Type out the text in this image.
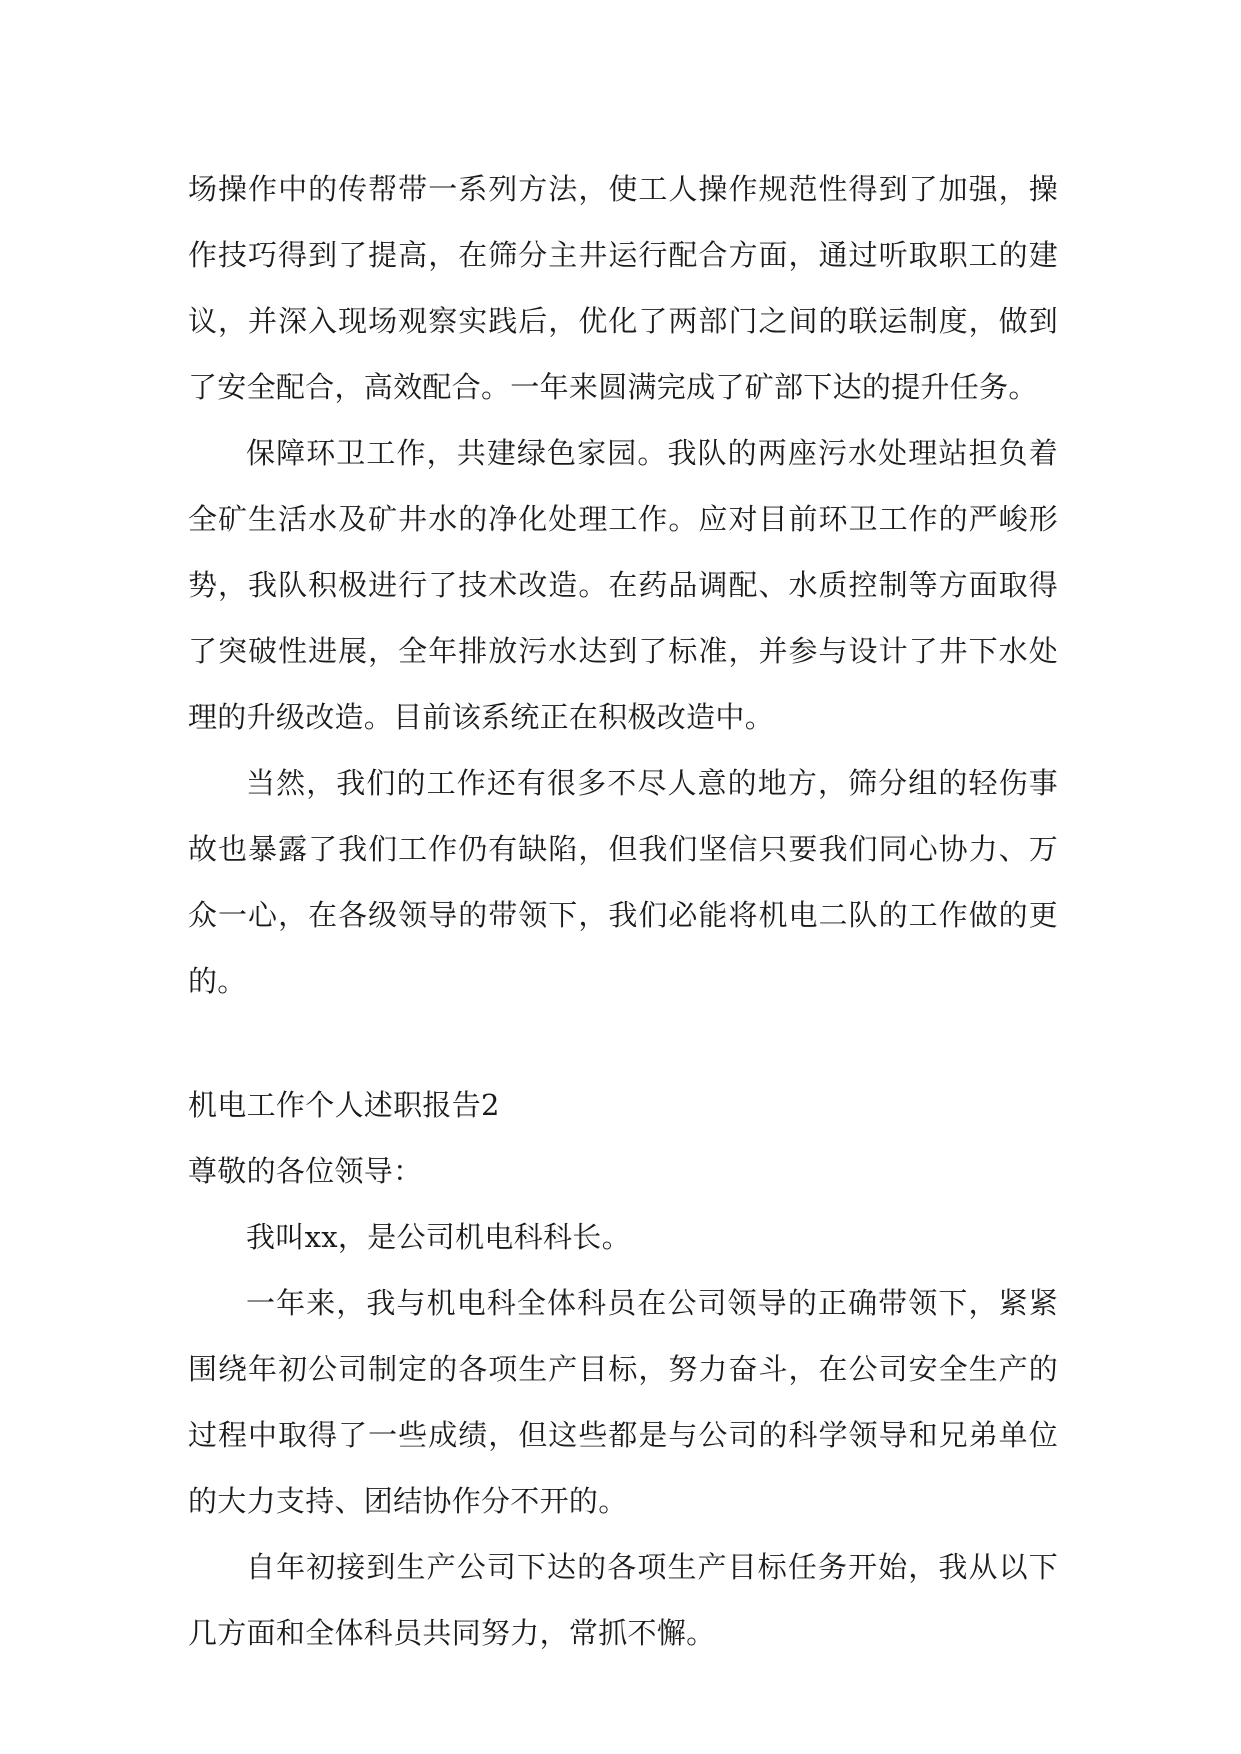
场操作中的传帮带一系列方法，使工人操作规范性得到了加强，操作技巧得到了提高，在筛分主井运行配合方面，通过听取职工的建议，并深入现场观察实践后，优化了两部门之间的联运制度，做到了安全配合，高效配合。一年来圆满完成了矿部下达的提升任务。

保障环卫工作，共建绿色家园。我队的两座污水处理站担负着全矿生活水及矿井水的净化处理工作。应对目前环卫工作的严峻形势，我队积极进行了技术改造。在药品调配、水质控制等方面取得了突破性进展，全年排放污水达到了标准，并参与设计了井下水处理的升级改造。目前该系统正在积极改造中。

当然，我们的工作还有很多不尽人意的地方，筛分组的轻伤事故也暴露了我们工作仍有缺陷，但我们坚信只要我们同心协力、万众一心，在各级领导的带领下，我们必能将机电二队的工作做的更的。

机电工作个人述职报告2

尊敬的各位领导：

我叫xx，是公司机电科科长。

一年来，我与机电科全体科员在公司领导的正确带领下，紧紧围绕年初公司制定的各项生产目标，努力奋斗，在公司安全生产的过程中取得了一些成绩，但这些都是与公司的科学领导和兄弟单位的大力支持、团结协作分不开的。

自年初接到生产公司下达的各项生产目标任务开始，我从以下几方面和全体科员共同努力，常抓不懈。
